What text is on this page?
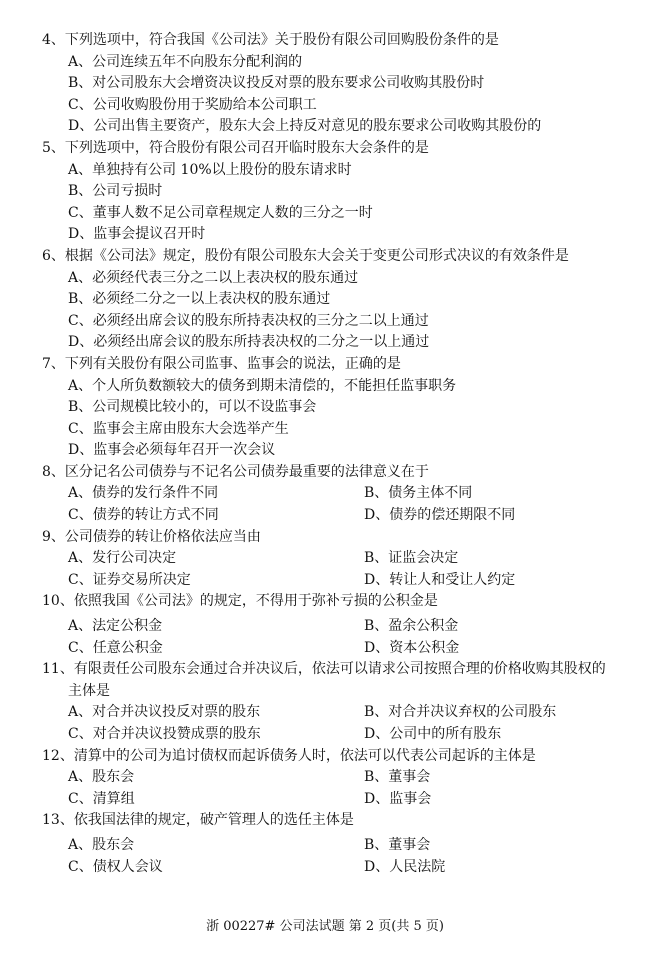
4、下列选项中，符合我国《公司法》关于股份有限公司回购股份条件的是
A、公司连续五年不向股东分配利润的
B、对公司股东大会增资决议投反对票的股东要求公司收购其股份时
C、公司收购股份用于奖励给本公司职工
D、公司出售主要资产，股东大会上持反对意见的股东要求公司收购其股份的
5、下列选项中，符合股份有限公司召开临时股东大会条件的是
A、单独持有公司 10%以上股份的股东请求时
B、公司亏损时
C、董事人数不足公司章程规定人数的三分之一时
D、监事会提议召开时
6、根据《公司法》规定，股份有限公司股东大会关于变更公司形式决议的有效条件是
A、必须经代表三分之二以上表决权的股东通过
B、必须经二分之一以上表决权的股东通过
C、必须经出席会议的股东所持表决权的三分之二以上通过
D、必须经出席会议的股东所持表决权的二分之一以上通过
7、下列有关股份有限公司监事、监事会的说法，正确的是
A、个人所负数额较大的债务到期未清偿的，不能担任监事职务
B、公司规模比较小的，可以不设监事会
C、监事会主席由股东大会选举产生
D、监事会必须每年召开一次会议
8、区分记名公司债券与不记名公司债券最重要的法律意义在于
A、债券的发行条件不同	B、债务主体不同
C、债券的转让方式不同	D、债券的偿还期限不同
9、公司债券的转让价格依法应当由
A、发行公司决定	B、证监会决定
C、证券交易所决定	D、转让人和受让人约定
10、依照我国《公司法》的规定，不得用于弥补亏损的公积金是
A、法定公积金	B、盈余公积金
C、任意公积金	D、资本公积金
11、有限责任公司股东会通过合并决议后，依法可以请求公司按照合理的价格收购其股权的
主体是
A、对合并决议投反对票的股东	B、对合并决议弃权的公司股东
C、对合并决议投赞成票的股东	D、公司中的所有股东
12、清算中的公司为追讨债权而起诉债务人时，依法可以代表公司起诉的主体是
A、股东会	B、董事会
C、清算组	D、监事会
13、依我国法律的规定，破产管理人的选任主体是
A、股东会	B、董事会
C、债权人会议	D、人民法院
浙 00227# 公司法试题 第 2 页(共 5 页)
